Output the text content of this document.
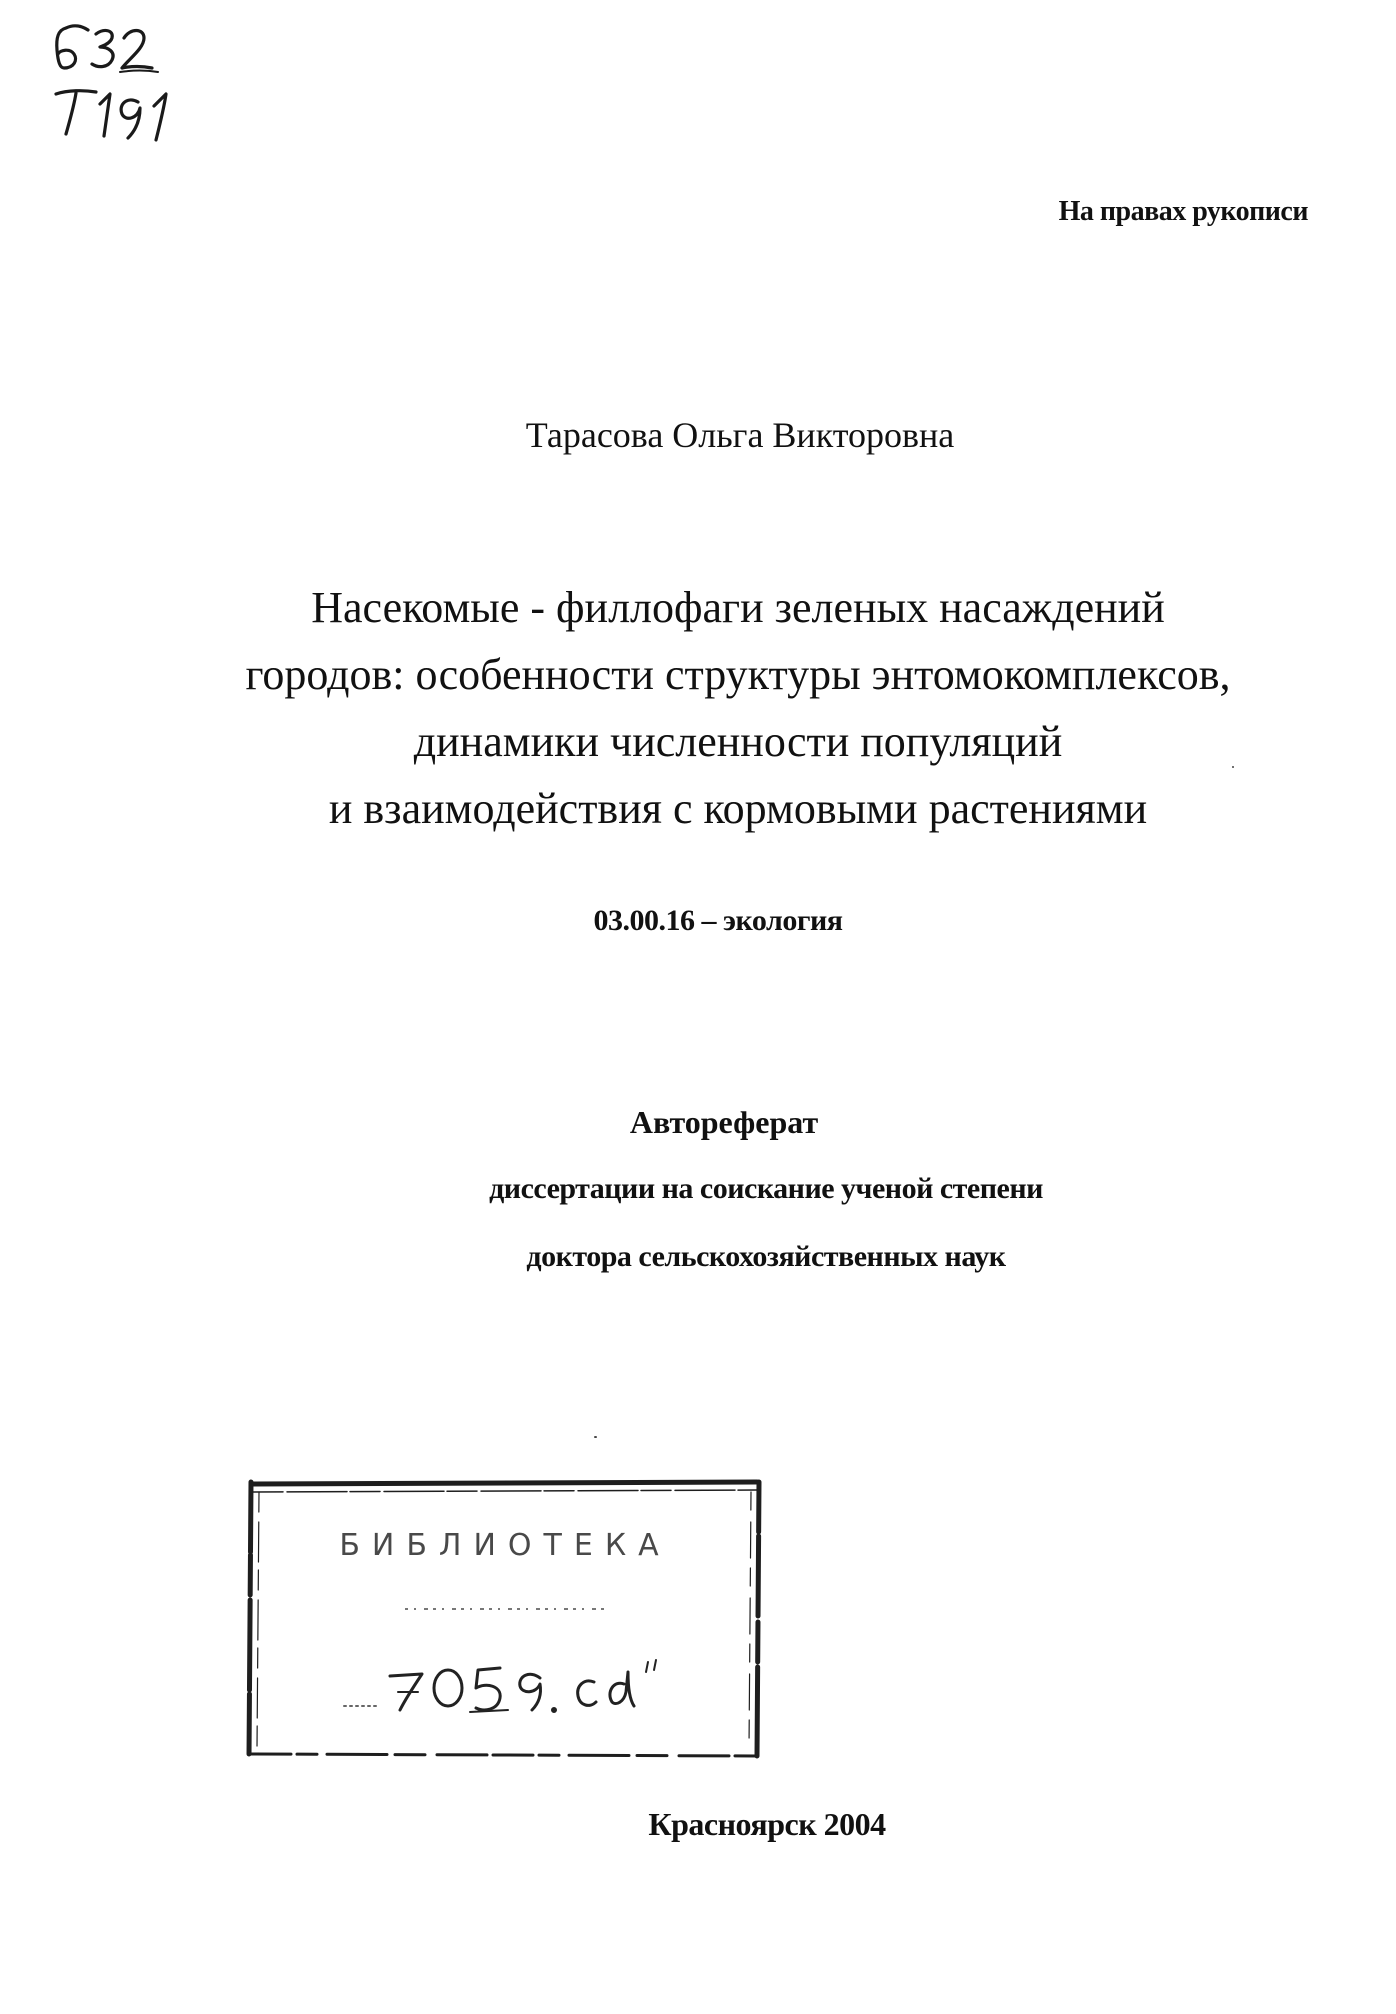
На правах рукописи
Тарасова Ольга Викторовна
Насекомые - филлофаги зеленых насаждений
городов: особенности структуры энтомокомплексов,
динамики численности популяций
и взаимодействия с кормовыми растениями
03.00.16 – экология
Автореферат
диссертации на соискание ученой степени
доктора сельскохозяйственных наук
БИБЛИОТЕКА
Красноярск 2004
